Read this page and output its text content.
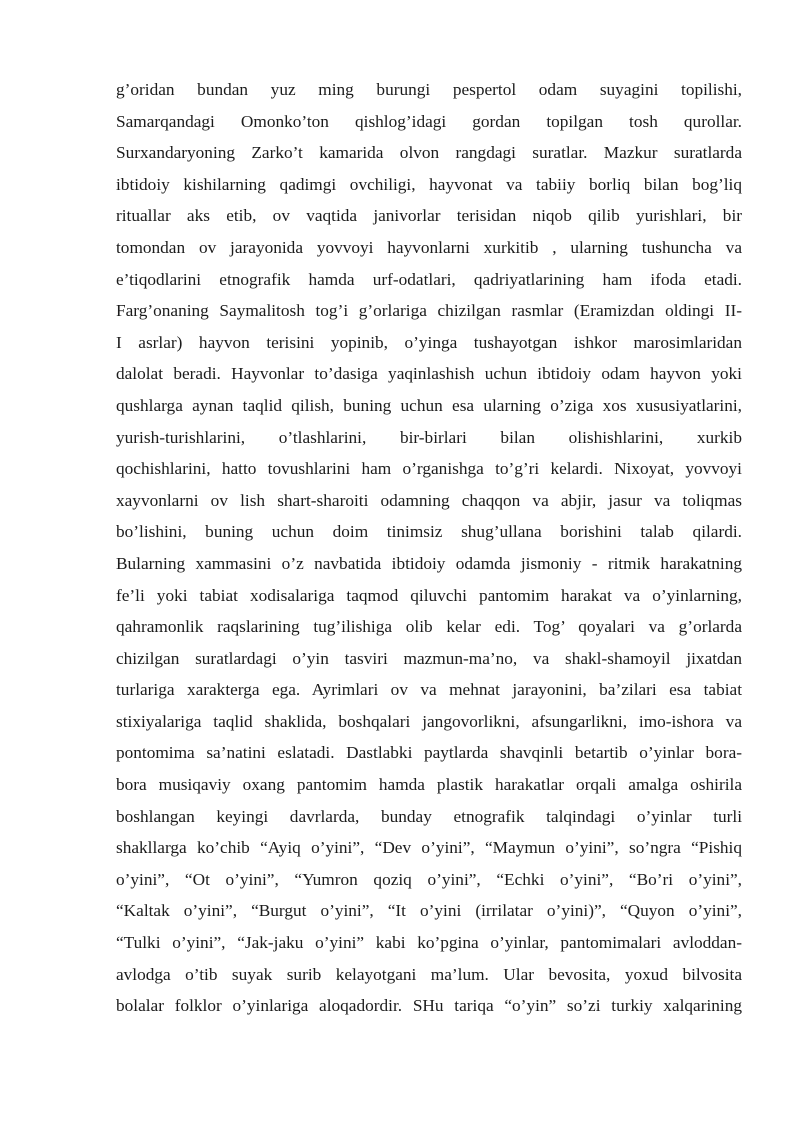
g’oridan bundan yuz ming burungi pespertol odam suyagini topilishi,
Samarqandagi Omonko’ton qishlog’idagi gordan topilgan tosh qurollar.
Surxandaryoning Zarko’t kamarida olvon rangdagi suratlar. Mazkur suratlarda
ibtidoiy kishilarning qadimgi ovchiligi, hayvonat va tabiiy borliq bilan bog’liq
rituallar aks etib, ov vaqtida janivorlar terisidan niqob qilib yurishlari, bir
tomondan ov jarayonida yovvoyi hayvonlarni xurkitib , ularning tushuncha va
e’tiqodlarini etnografik hamda urf-odatlari, qadriyatlarining ham ifoda etadi.
Farg’onaning Saymalitosh tog’i g’orlariga chizilgan rasmlar (Eramizdan oldingi II-
I asrlar) hayvon terisini yopinib, o’yinga tushayotgan ishkor marosimlaridan
dalolat beradi. Hayvonlar to’dasiga yaqinlashish uchun ibtidoiy odam hayvon yoki
qushlarga aynan taqlid qilish, buning uchun esa ularning o’ziga xos xususiyatlarini,
yurish-turishlarini, o’tlashlarini, bir-birlari bilan olishishlarini, xurkib
qochishlarini, hatto tovushlarini ham o’rganishga to’g’ri kelardi. Nixoyat, yovvoyi
xayvonlarni ov lish shart-sharoiti odamning chaqqon va abjir, jasur va toliqmas
bo’lishini, buning uchun doim tinimsiz shug’ullana borishini talab qilardi.
Bularning xammasini o’z navbatida ibtidoiy odamda jismoniy - ritmik harakatning
fe’li yoki tabiat xodisalariga taqmod qiluvchi pantomim harakat va o’yinlarning,
qahramonlik raqslarining tug’ilishiga olib kelar edi. Tog’ qoyalari va g’orlarda
chizilgan suratlardagi o’yin tasviri mazmun-ma’no, va shakl-shamoyil jixatdan
turlariga xarakterga ega. Ayrimlari ov va mehnat jarayonini, ba’zilari esa tabiat
stixiyalariga taqlid shaklida, boshqalari jangovorlikni, afsungarlikni, imo-ishora va
pontomima sa’natini eslatadi. Dastlabki paytlarda shavqinli betartib o’yinlar bora-
bora musiqaviy oxang pantomim hamda plastik harakatlar orqali amalga oshirila
boshlangan keyingi davrlarda, bunday etnografik talqindagi o’yinlar turli
shakllarga ko’chib “Ayiq o’yini”, “Dev o’yini”, “Maymun o’yini”, so’ngra “Pishiq
o’yini”, “Ot o’yini”, “Yumron qoziq o’yini”, “Echki o’yini”, “Bo’ri o’yini”,
“Kaltak o’yini”, “Burgut o’yini”, “It o’yini (irrilatar o’yini)”, “Quyon o’yini”,
“Tulki o’yini”, “Jak-jaku o’yini” kabi ko’pgina o’yinlar, pantomimalari avloddan-
avlodga o’tib suyak surib kelayotgani ma’lum. Ular bevosita, yoxud bilvosita
bolalar folklor o’yinlariga aloqadordir. SHu tariqa “o’yin” so’zi turkiy xalqarining
